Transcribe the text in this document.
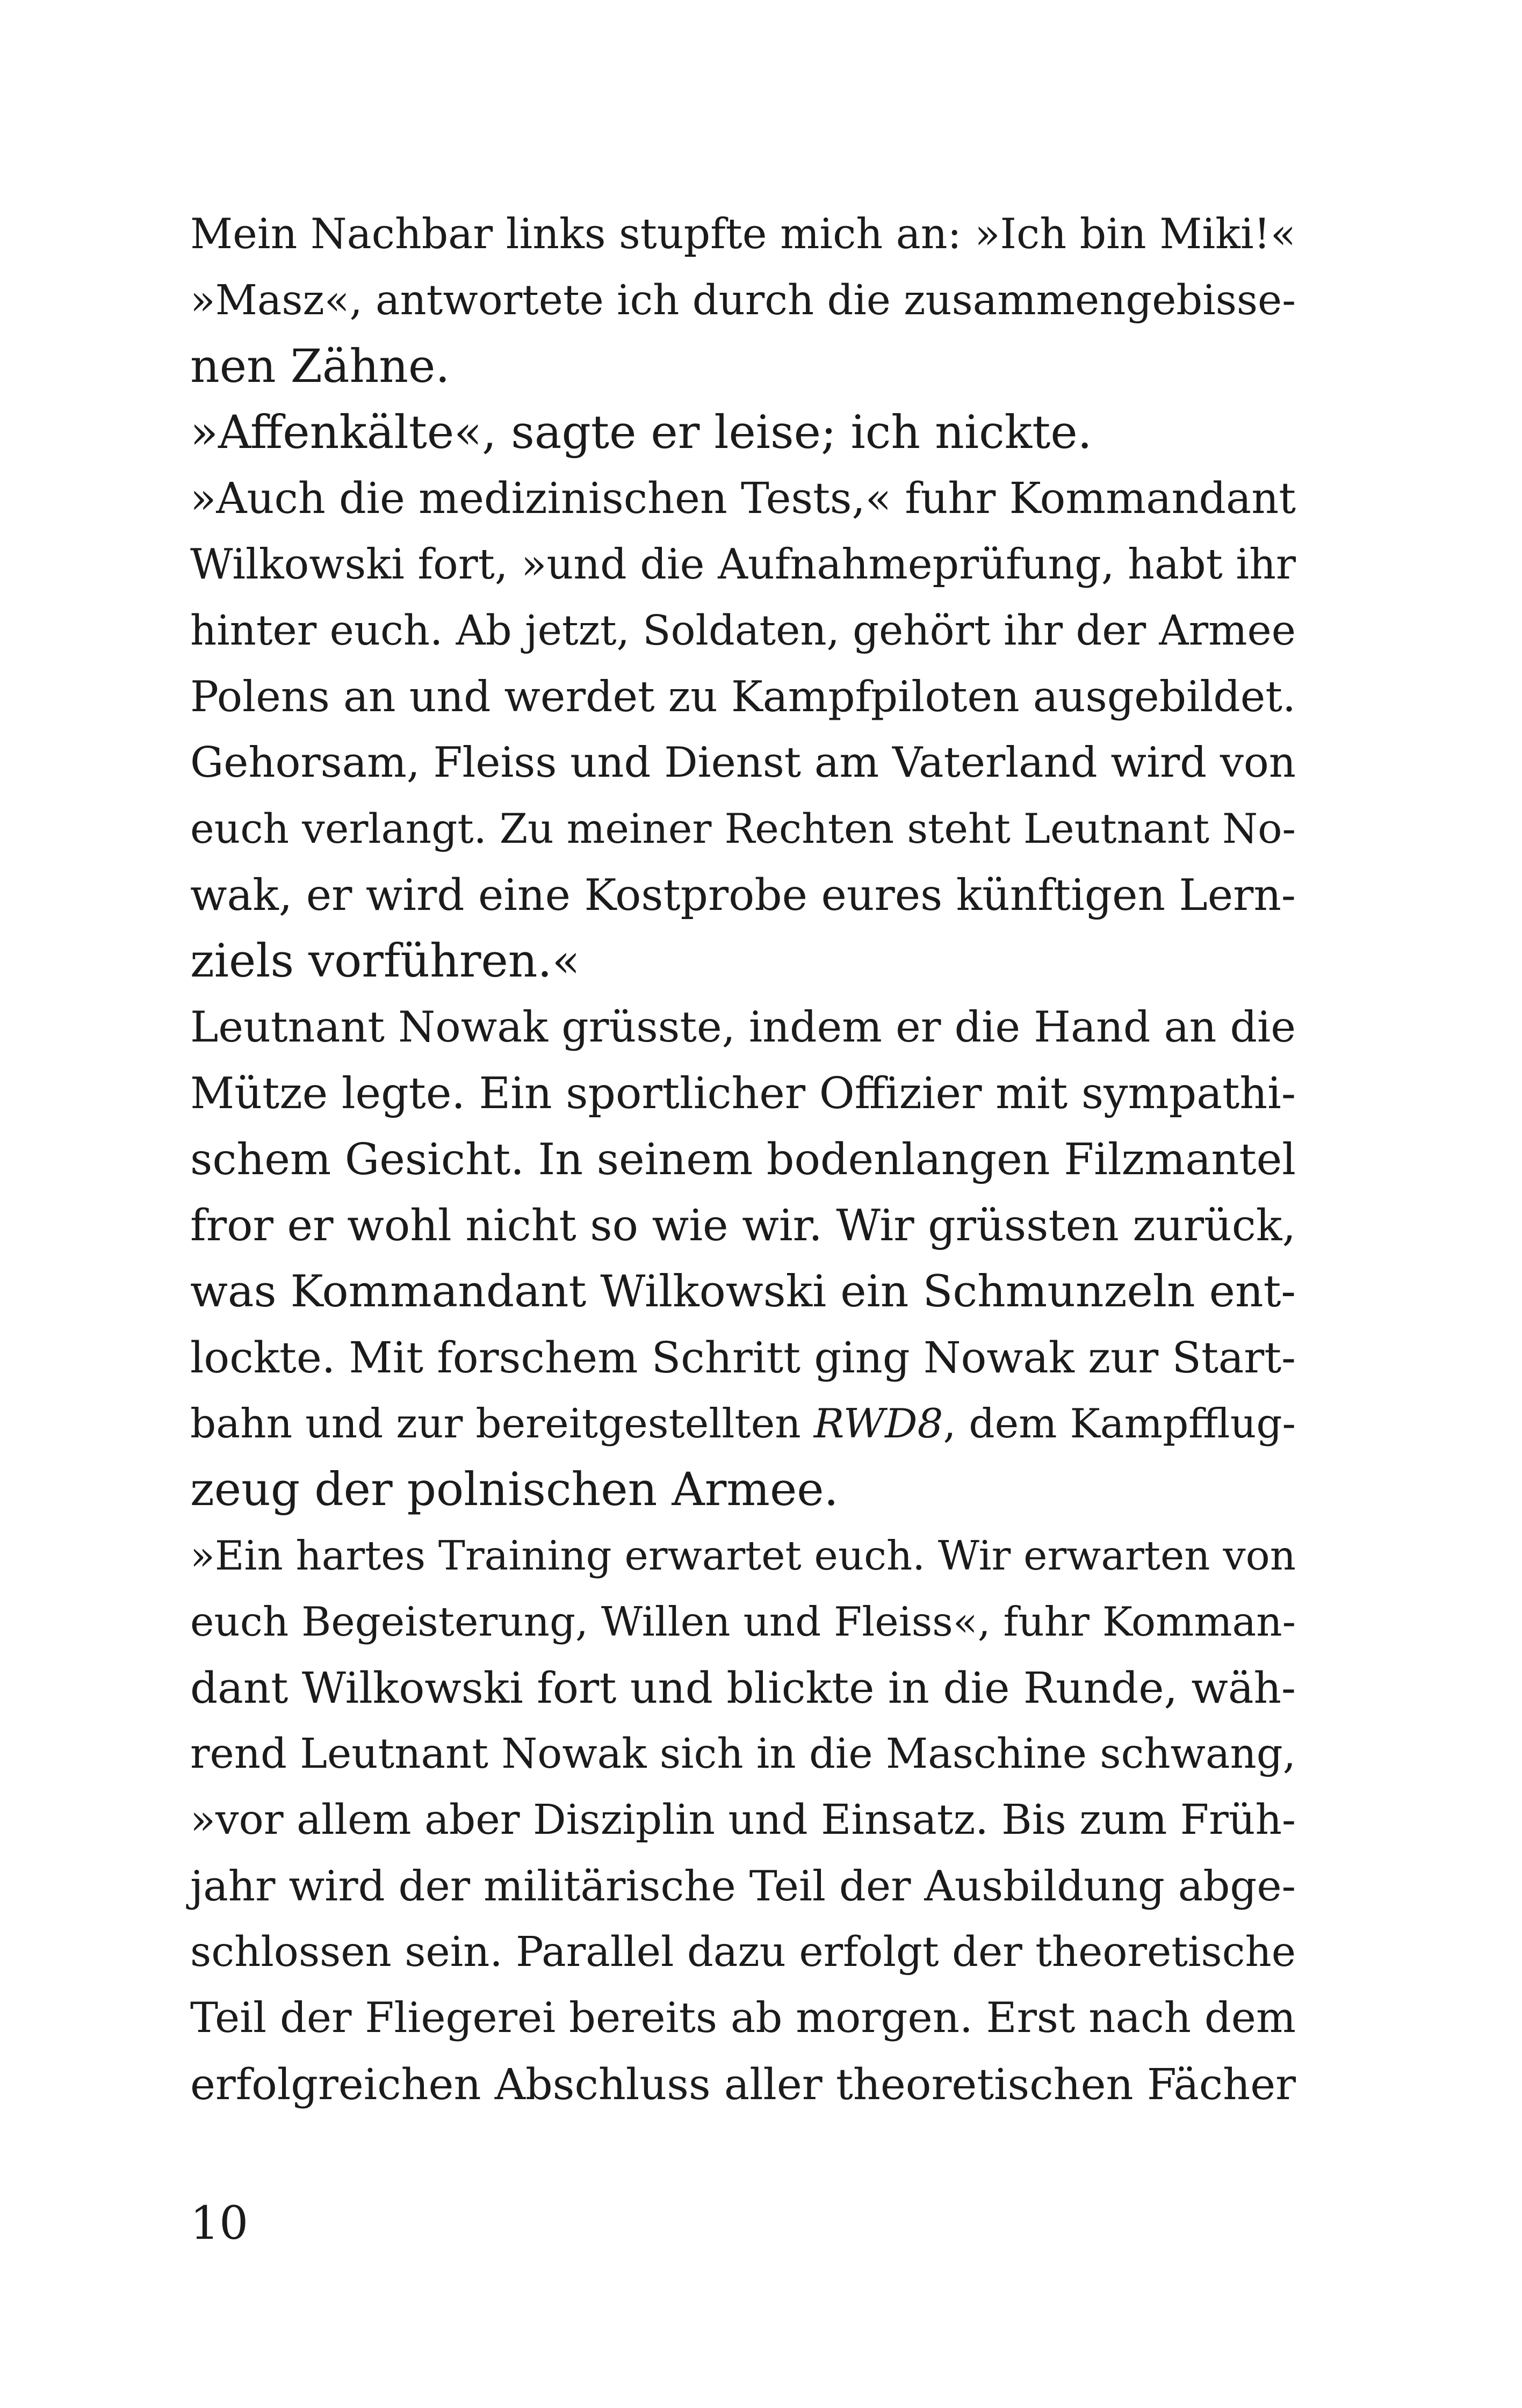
Mein Nachbar links stupfte mich an: »Ich bin Miki!«
»Masz«, antwortete ich durch die zusammengebisse-
nen Zähne.
»Affenkälte«, sagte er leise; ich nickte.
»Auch die medizinischen Tests,« fuhr Kommandant
Wilkowski fort, »und die Aufnahmeprüfung, habt ihr
hinter euch. Ab jetzt, Soldaten, gehört ihr der Armee
Polens an und werdet zu Kampfpiloten ausgebildet.
Gehorsam, Fleiss und Dienst am Vaterland wird von
euch verlangt. Zu meiner Rechten steht Leutnant No-
wak, er wird eine Kostprobe eures künftigen Lern-
ziels vorführen.«
Leutnant Nowak grüsste, indem er die Hand an die
Mütze legte. Ein sportlicher Offizier mit sympathi-
schem Gesicht. In seinem bodenlangen Filzmantel
fror er wohl nicht so wie wir. Wir grüssten zurück,
was Kommandant Wilkowski ein Schmunzeln ent-
lockte. Mit forschem Schritt ging Nowak zur Start-
bahn und zur bereitgestellten RWD8, dem Kampfflug-
zeug der polnischen Armee.
»Ein hartes Training erwartet euch. Wir erwarten von
euch Begeisterung, Willen und Fleiss«, fuhr Komman-
dant Wilkowski fort und blickte in die Runde, wäh-
rend Leutnant Nowak sich in die Maschine schwang,
»vor allem aber Disziplin und Einsatz. Bis zum Früh-
jahr wird der militärische Teil der Ausbildung abge-
schlossen sein. Parallel dazu erfolgt der theoretische
Teil der Fliegerei bereits ab morgen. Erst nach dem
erfolgreichen Abschluss aller theoretischen Fächer
10
